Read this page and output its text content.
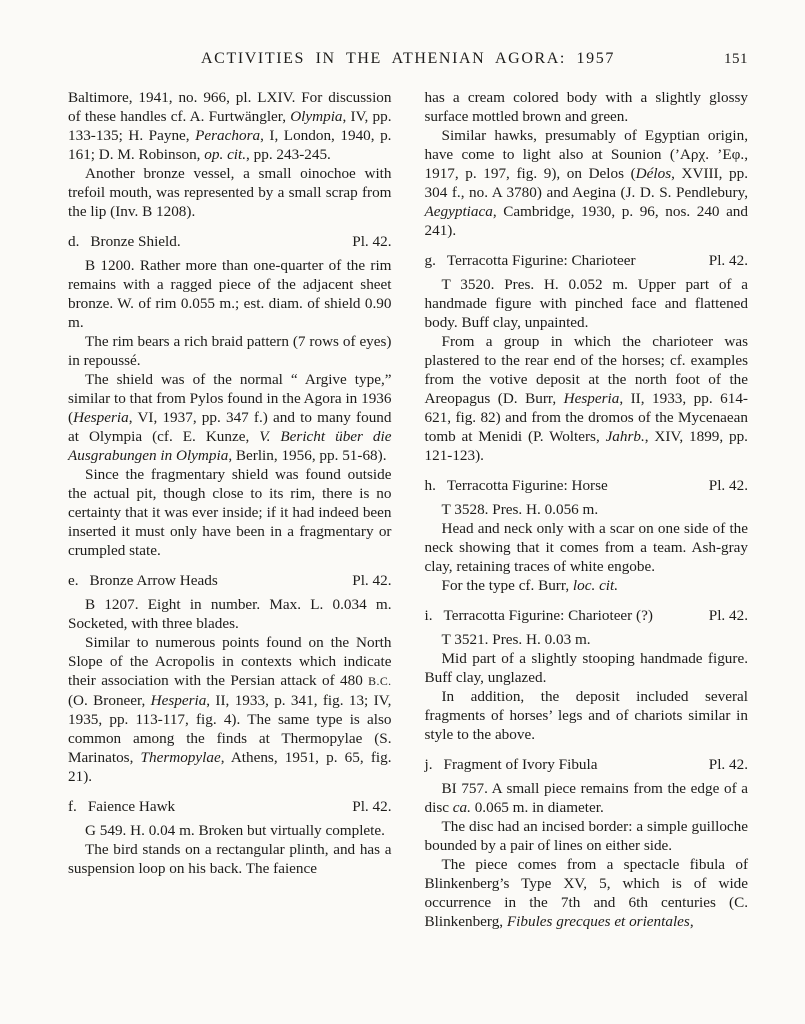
ACTIVITIES IN THE ATHENIAN AGORA: 1957	151

Baltimore, 1941, no. 966, pl. LXIV. For discussion of these handles cf. A. Furtwängler, Olympia, IV, pp. 133-135; H. Payne, Perachora, I, London, 1940, p. 161; D. M. Robinson, op. cit., pp. 243-245.

Another bronze vessel, a small oinochoe with trefoil mouth, was represented by a small scrap from the lip (Inv. B 1208).

d. Bronze Shield.	Pl. 42.

B 1200. Rather more than one-quarter of the rim remains with a ragged piece of the adjacent sheet bronze. W. of rim 0.055 m.; est. diam. of shield 0.90 m.

The rim bears a rich braid pattern (7 rows of eyes) in repoussé.

The shield was of the normal “ Argive type,” similar to that from Pylos found in the Agora in 1936 (Hesperia, VI, 1937, pp. 347 f.) and to many found at Olympia (cf. E. Kunze, V. Bericht über die Ausgrabungen in Olympia, Berlin, 1956, pp. 51-68).

Since the fragmentary shield was found outside the actual pit, though close to its rim, there is no certainty that it was ever inside; if it had indeed been inserted it must only have been in a fragmentary or crumpled state.

e. Bronze Arrow Heads	Pl. 42.

B 1207. Eight in number. Max. L. 0.034 m. Socketed, with three blades.

Similar to numerous points found on the North Slope of the Acropolis in contexts which indicate their association with the Persian attack of 480 B.C. (O. Broneer, Hesperia, II, 1933, p. 341, fig. 13; IV, 1935, pp. 113-117, fig. 4). The same type is also common among the finds at Thermopylae (S. Marinatos, Thermopylae, Athens, 1951, p. 65, fig. 21).

f. Faience Hawk	Pl. 42.

G 549. H. 0.04 m. Broken but virtually complete.

The bird stands on a rectangular plinth, and has a suspension loop on his back. The faience

has a cream colored body with a slightly glossy surface mottled brown and green.

Similar hawks, presumably of Egyptian origin, have come to light also at Sounion (’Αρχ. ’Εφ., 1917, p. 197, fig. 9), on Delos (Délos, XVIII, pp. 304 f., no. A 3780) and Aegina (J. D. S. Pendlebury, Aegyptiaca, Cambridge, 1930, p. 96, nos. 240 and 241).

g. Terracotta Figurine: Charioteer	Pl. 42.

T 3520. Pres. H. 0.052 m. Upper part of a handmade figure with pinched face and flattened body. Buff clay, unpainted.

From a group in which the charioteer was plastered to the rear end of the horses; cf. examples from the votive deposit at the north foot of the Areopagus (D. Burr, Hesperia, II, 1933, pp. 614-621, fig. 82) and from the dromos of the Mycenaean tomb at Menidi (P. Wolters, Jahrb., XIV, 1899, pp. 121-123).

h. Terracotta Figurine: Horse	Pl. 42.

T 3528. Pres. H. 0.056 m.

Head and neck only with a scar on one side of the neck showing that it comes from a team. Ash-gray clay, retaining traces of white engobe.

For the type cf. Burr, loc. cit.

i. Terracotta Figurine: Charioteer (?)	Pl. 42.

T 3521. Pres. H. 0.03 m.

Mid part of a slightly stooping handmade figure. Buff clay, unglazed.

In addition, the deposit included several fragments of horses’ legs and of chariots similar in style to the above.

j. Fragment of Ivory Fibula	Pl. 42.

BI 757. A small piece remains from the edge of a disc ca. 0.065 m. in diameter.

The disc had an incised border: a simple guilloche bounded by a pair of lines on either side.

The piece comes from a spectacle fibula of Blinkenberg’s Type XV, 5, which is of wide occurrence in the 7th and 6th centuries (C. Blinkenberg, Fibules grecques et orientales,
